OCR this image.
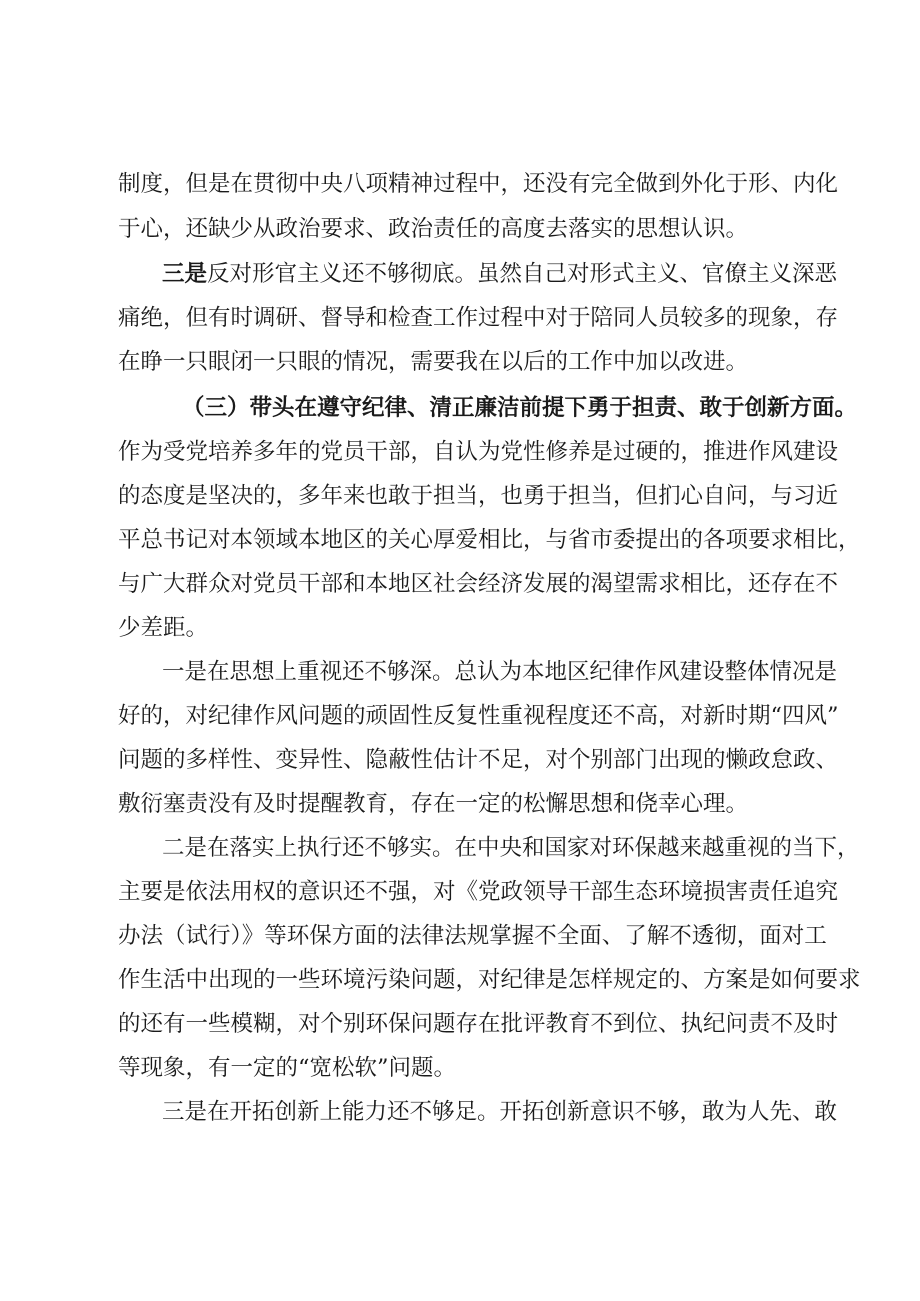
制度，但是在贯彻中央八项精神过程中，还没有完全做到外化于形、内化
于心，还缺少从政治要求、政治责任的高度去落实的思想认识。
三是反对形官主义还不够彻底。虽然自己对形式主义、官僚主义深恶
痛绝，但有时调研、督导和检查工作过程中对于陪同人员较多的现象，存
在睁一只眼闭一只眼的情况，需要我在以后的工作中加以改进。
（三）带头在遵守纪律、清正廉洁前提下勇于担责、敢于创新方面。
作为受党培养多年的党员干部，自认为党性修养是过硬的，推进作风建设
的态度是坚决的，多年来也敢于担当，也勇于担当，但扪心自问，与习近
平总书记对本领域本地区的关心厚爱相比，与省市委提出的各项要求相比，
与广大群众对党员干部和本地区社会经济发展的渴望需求相比，还存在不
少差距。
一是在思想上重视还不够深。总认为本地区纪律作风建设整体情况是
好的，对纪律作风问题的顽固性反复性重视程度还不高，对新时期“四风”
问题的多样性、变异性、隐蔽性估计不足，对个别部门出现的懒政怠政、
敷衍塞责没有及时提醒教育，存在一定的松懈思想和侥幸心理。
二是在落实上执行还不够实。在中央和国家对环保越来越重视的当下，
主要是依法用权的意识还不强，对《党政领导干部生态环境损害责任追究
办法（试行）》等环保方面的法律法规掌握不全面、了解不透彻，面对工
作生活中出现的一些环境污染问题，对纪律是怎样规定的、方案是如何要求
的还有一些模糊，对个别环保问题存在批评教育不到位、执纪问责不及时
等现象，有一定的“宽松软”问题。
三是在开拓创新上能力还不够足。开拓创新意识不够，敢为人先、敢
